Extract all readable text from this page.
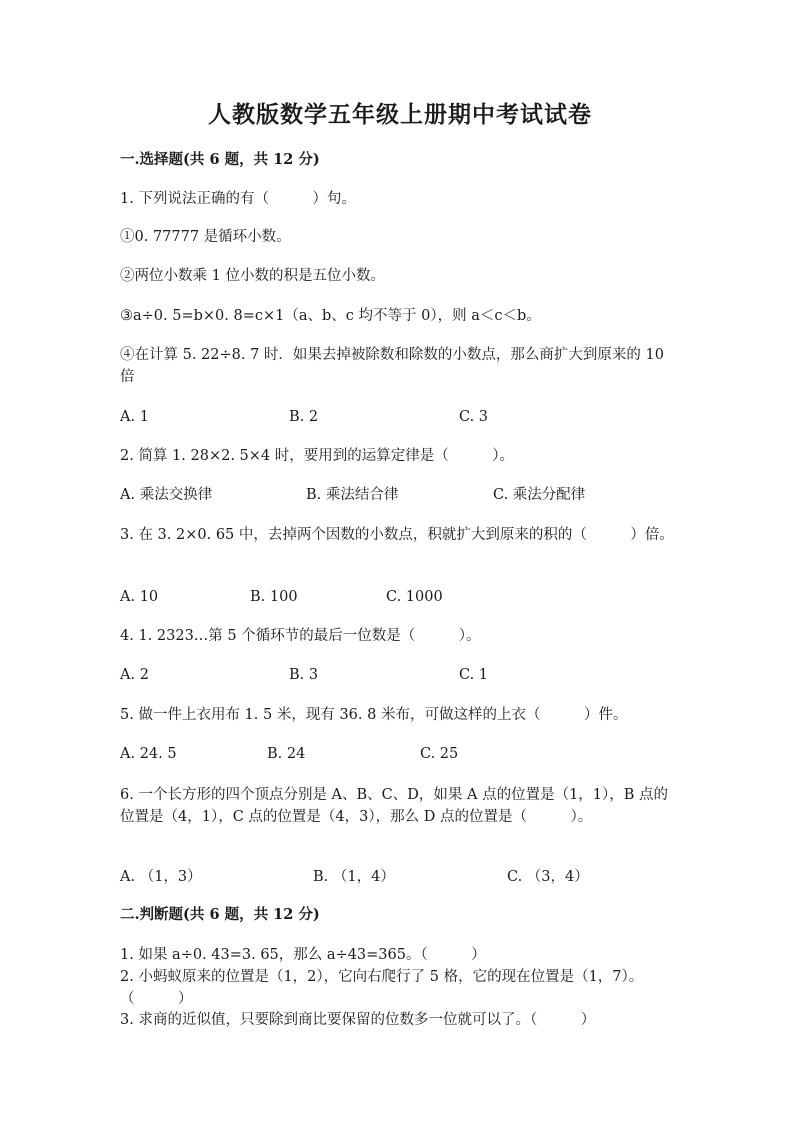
人教版数学五年级上册期中考试试卷
一.选择题(共 6 题，共 12 分)
1. 下列说法正确的有（　　　）句。
①0. 77777 是循环小数。
②两位小数乘 1 位小数的积是五位小数。
③a÷0. 5=b×0. 8=c×1（a、b、c 均不等于 0），则 a＜c＜b。
④在计算 5. 22÷8. 7 时．如果去掉被除数和除数的小数点，那么商扩大到原来的 10 倍
A. 1	B. 2	C. 3
2. 简算 1. 28×2. 5×4 时，要用到的运算定律是（　　　）。
A. 乘法交换律	B. 乘法结合律	C. 乘法分配律
3. 在 3. 2×0. 65 中，去掉两个因数的小数点，积就扩大到原来的积的（　　　）倍。
A. 10	B. 100	C. 1000
4. 1. 2323…第 5 个循环节的最后一位数是（　　　）。
A. 2	B. 3	C. 1
5. 做一件上衣用布 1. 5 米，现有 36. 8 米布，可做这样的上衣（　　　）件。
A. 24. 5	B. 24	C. 25
6. 一个长方形的四个顶点分别是 A、B、C、D，如果 A 点的位置是（1，1），B 点的位置是（4，1），C 点的位置是（4，3），那么 D 点的位置是（　　　）。
A. （1，3）	B. （1，4）	C. （3，4）
二.判断题(共 6 题，共 12 分)
1. 如果 a÷0. 43=3. 65，那么 a÷43=365。（　　　）
2. 小蚂蚁原来的位置是（1，2），它向右爬行了 5 格，它的现在位置是（1，7）。（　　　）
3. 求商的近似值，只要除到商比要保留的位数多一位就可以了。（　　　）
